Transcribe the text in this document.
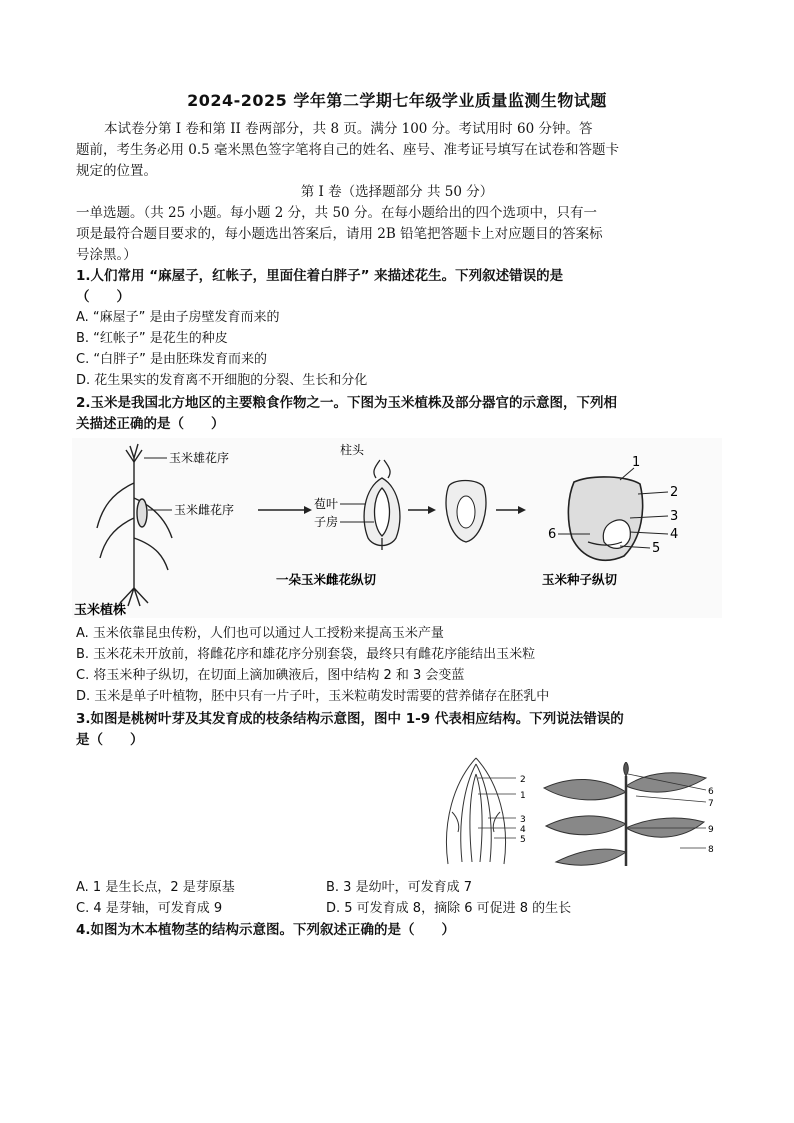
2024-2025 学年第二学期七年级学业质量监测生物试题
本试卷分第 Ⅰ 卷和第 II 卷两部分，共 8 页。满分 100 分。考试用时 60 分钟。答
题前，考生务必用 0.5 毫米黑色签字笔将自己的姓名、座号、准考证号填写在试卷和答题卡
规定的位置。
第 Ⅰ 卷（选择题部分 共 50 分）
一单选题。（共 25 小题。每小题 2 分，共 50 分。在每小题给出的四个选项中，只有一
项是最符合题目要求的，每小题选出答案后，请用 2B 铅笔把答题卡上对应题目的答案标
号涂黑。）
1.人们常用 “麻屋子，红帐子，里面住着白胖子” 来描述花生。下列叙述错误的是
（　　）
A. “麻屋子” 是由子房壁发育而来的
B. “红帐子” 是花生的种皮
C. “白胖子” 是由胚珠发育而来的
D. 花生果实的发育离不开细胞的分裂、生长和分化
2.玉米是我国北方地区的主要粮食作物之一。下图为玉米植株及部分器官的示意图，下列相
关描述正确的是（　　）
玉米雄花序
玉米雌花序
玉米植株
柱头
苞叶
子房
1
2
3
4
5
6
一朵玉米雌花纵切	玉米种子纵切
A. 玉米依靠昆虫传粉，人们也可以通过人工授粉来提高玉米产量
B. 玉米花未开放前，将雌花序和雄花序分别套袋，最终只有雌花序能结出玉米粒
C. 将玉米种子纵切，在切面上滴加碘液后，图中结构 2 和 3 会变蓝
D. 玉米是单子叶植物，胚中只有一片子叶，玉米粒萌发时需要的营养储存在胚乳中
3.如图是桃树叶芽及其发育成的枝条结构示意图，图中 1-9 代表相应结构。下列说法错误的
是（　　）
2
1
3
4
5
6
7
9
8
A. 1 是生长点，2 是芽原基	B. 3 是幼叶，可发育成 7
C. 4 是芽轴，可发育成 9	D. 5 可发育成 8，摘除 6 可促进 8 的生长
4.如图为木本植物茎的结构示意图。下列叙述正确的是（　　）
